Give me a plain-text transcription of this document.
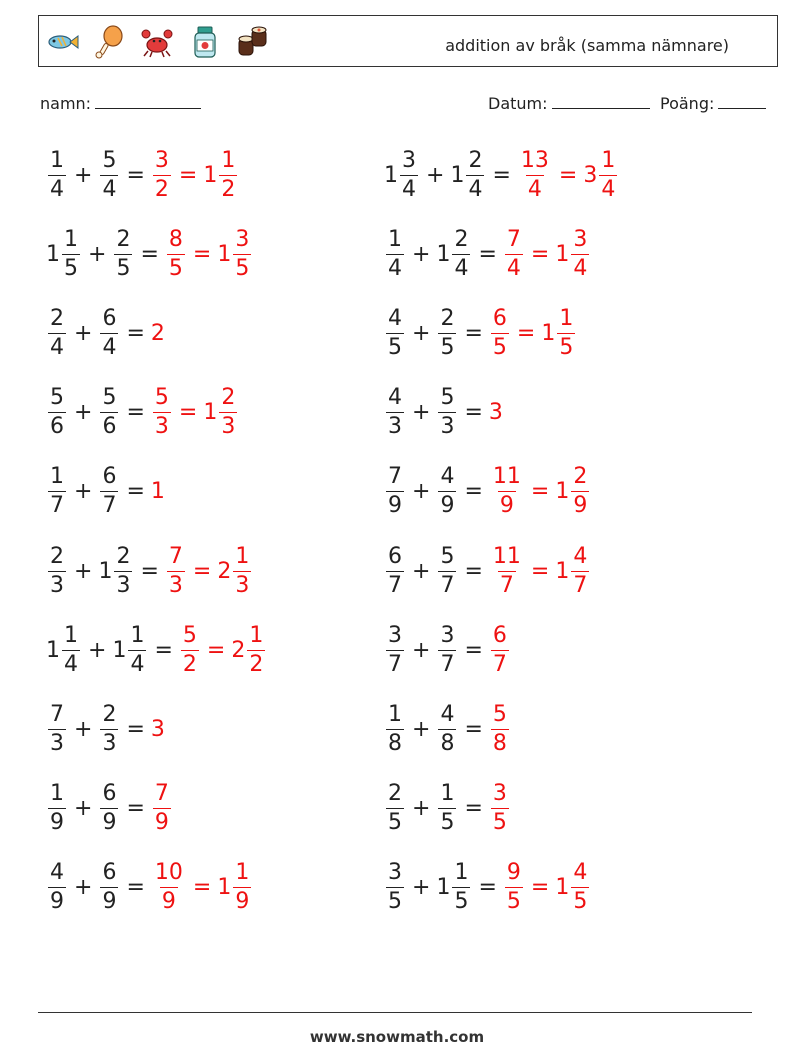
addition av bråk (samma nämnare)
namn:	Datum:	Poäng:
$\frac{1}{4} + \frac{5}{4} = \frac{3}{2} = 1 \frac{1}{2}$	$1 \frac{3}{4} + 1 \frac{2}{4} = \frac{13}{4} = 3 \frac{1}{4}$
$1 \frac{1}{5} + \frac{2}{5} = \frac{8}{5} = 1 \frac{3}{5}$	$\frac{1}{4} + 1 \frac{2}{4} = \frac{7}{4} = 1 \frac{3}{4}$
$\frac{2}{4} + \frac{6}{4} = 2$	$\frac{4}{5} + \frac{2}{5} = \frac{6}{5} = 1 \frac{1}{5}$
$\frac{5}{6} + \frac{5}{6} = \frac{5}{3} = 1 \frac{2}{3}$	$\frac{4}{3} + \frac{5}{3} = 3$
$\frac{1}{7} + \frac{6}{7} = 1$	$\frac{7}{9} + \frac{4}{9} = \frac{11}{9} = 1 \frac{2}{9}$
$\frac{2}{3} + 1 \frac{2}{3} = \frac{7}{3} = 2 \frac{1}{3}$	$\frac{6}{7} + \frac{5}{7} = \frac{11}{7} = 1 \frac{4}{7}$
$1 \frac{1}{4} + 1 \frac{1}{4} = \frac{5}{2} = 2 \frac{1}{2}$	$\frac{3}{7} + \frac{3}{7} = \frac{6}{7}$
$\frac{7}{3} + \frac{2}{3} = 3$	$\frac{1}{8} + \frac{4}{8} = \frac{5}{8}$
$\frac{1}{9} + \frac{6}{9} = \frac{7}{9}$	$\frac{2}{5} + \frac{1}{5} = \frac{3}{5}$
$\frac{4}{9} + \frac{6}{9} = \frac{10}{9} = 1 \frac{1}{9}$	$\frac{3}{5} + 1 \frac{1}{5} = \frac{9}{5} = 1 \frac{4}{5}$
www.snowmath.com
